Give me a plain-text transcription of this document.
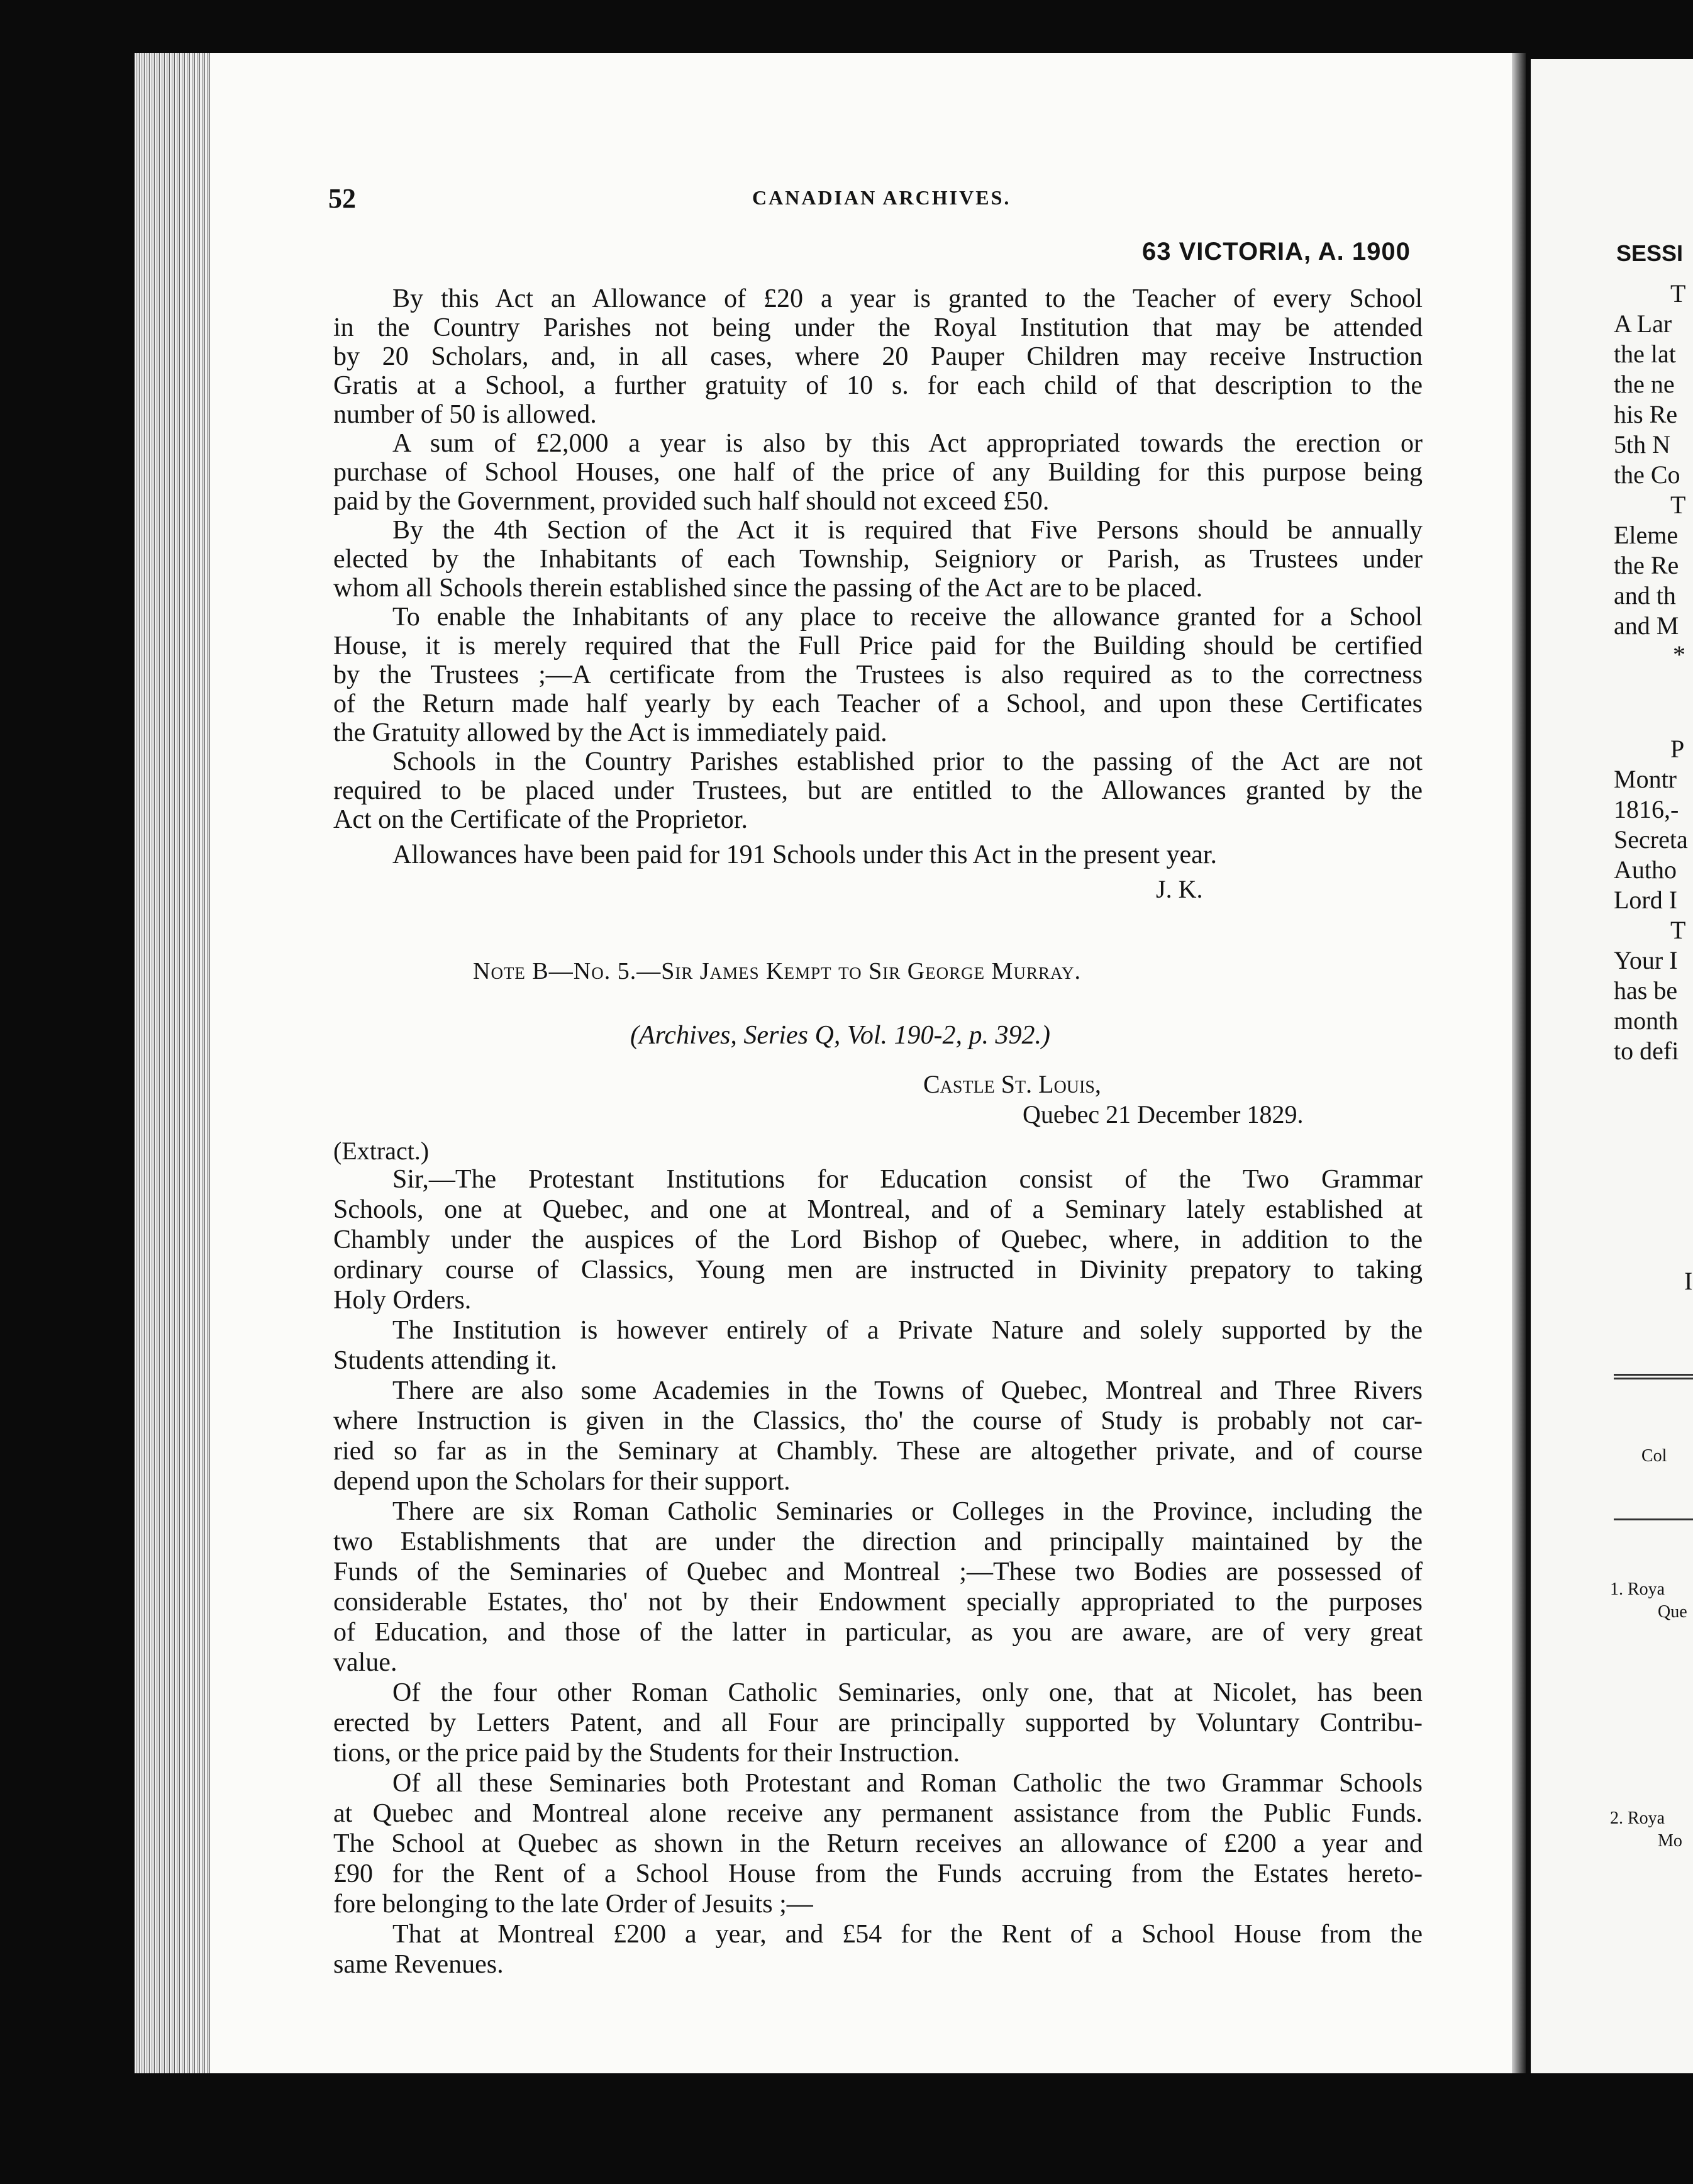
52	CANADIAN ARCHIVES.
63 VICTORIA, A. 1900
By this Act an Allowance of £20 a year is granted to the Teacher of every School
in the Country Parishes not being under the Royal Institution that may be attended
by 20 Scholars, and, in all cases, where 20 Pauper Children may receive Instruction
Gratis at a School, a further gratuity of 10 s. for each child of that description to the
number of 50 is allowed.
A sum of £2,000 a year is also by this Act appropriated towards the erection or
purchase of School Houses, one half of the price of any Building for this purpose being
paid by the Government, provided such half should not exceed £50.
By the 4th Section of the Act it is required that Five Persons should be annually
elected by the Inhabitants of each Township, Seigniory or Parish, as Trustees under
whom all Schools therein established since the passing of the Act are to be placed.
To enable the Inhabitants of any place to receive the allowance granted for a School
House, it is merely required that the Full Price paid for the Building should be certified
by the Trustees ;—A certificate from the Trustees is also required as to the correctness
of the Return made half yearly by each Teacher of a School, and upon these Certificates
the Gratuity allowed by the Act is immediately paid.
Schools in the Country Parishes established prior to the passing of the Act are not
required to be placed under Trustees, but are entitled to the Allowances granted by the
Act on the Certificate of the Proprietor.
Allowances have been paid for 191 Schools under this Act in the present year.
J. K.
Note B—No. 5.—Sir James Kempt to Sir George Murray.
(Archives, Series Q, Vol. 190-2, p. 392.)
Castle St. Louis,
Quebec 21 December 1829.
(Extract.)
Sir,—The Protestant Institutions for Education consist of the Two Grammar
Schools, one at Quebec, and one at Montreal, and of a Seminary lately established at
Chambly under the auspices of the Lord Bishop of Quebec, where, in addition to the
ordinary course of Classics, Young men are instructed in Divinity prepatory to taking
Holy Orders.
The Institution is however entirely of a Private Nature and solely supported by the
Students attending it.
There are also some Academies in the Towns of Quebec, Montreal and Three Rivers
where Instruction is given in the Classics, tho' the course of Study is probably not car-
ried so far as in the Seminary at Chambly. These are altogether private, and of course
depend upon the Scholars for their support.
There are six Roman Catholic Seminaries or Colleges in the Province, including the
two Establishments that are under the direction and principally maintained by the
Funds of the Seminaries of Quebec and Montreal ;—These two Bodies are possessed of
considerable Estates, tho' not by their Endowment specially appropriated to the purposes
of Education, and those of the latter in particular, as you are aware, are of very great
value.
Of the four other Roman Catholic Seminaries, only one, that at Nicolet, has been
erected by Letters Patent, and all Four are principally supported by Voluntary Contribu-
tions, or the price paid by the Students for their Instruction.
Of all these Seminaries both Protestant and Roman Catholic the two Grammar Schools
at Quebec and Montreal alone receive any permanent assistance from the Public Funds.
The School at Quebec as shown in the Return receives an allowance of £200 a year and
£90 for the Rent of a School House from the Funds accruing from the Estates hereto-
fore belonging to the late Order of Jesuits ;—
That at Montreal £200 a year, and £54 for the Rent of a School House from the
same Revenues.
SESSI
T
A Lar
the lat
the ne
his Re
5th N
the Co
T
Eleme
the Re
and th
and M
*
P
Montr
1816,-
Secreta
Autho
Lord I
T
Your I
has be
month
to defi
I
Col
1. Roya
Que
2. Roya
Mo
